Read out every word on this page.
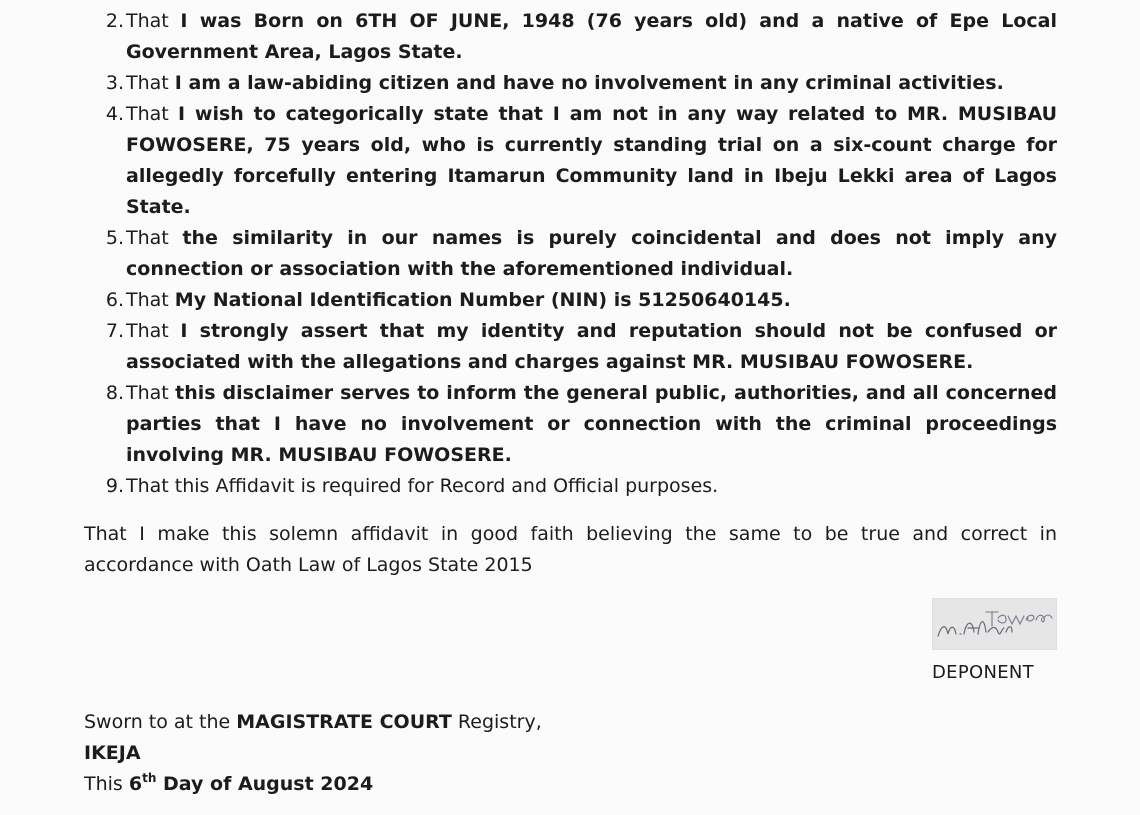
2. That I was Born on 6TH OF JUNE, 1948 (76 years old) and a native of Epe Local Government Area, Lagos State.
3. That I am a law-abiding citizen and have no involvement in any criminal activities.
4. That I wish to categorically state that I am not in any way related to MR. MUSIBAU FOWOSERE, 75 years old, who is currently standing trial on a six-count charge for allegedly forcefully entering Itamarun Community land in Ibeju Lekki area of Lagos State.
5. That the similarity in our names is purely coincidental and does not imply any connection or association with the aforementioned individual.
6. That My National Identification Number (NIN) is 51250640145.
7. That I strongly assert that my identity and reputation should not be confused or associated with the allegations and charges against MR. MUSIBAU FOWOSERE.
8. That this disclaimer serves to inform the general public, authorities, and all concerned parties that I have no involvement or connection with the criminal proceedings involving MR. MUSIBAU FOWOSERE.
9. That this Affidavit is required for Record and Official purposes.
That I make this solemn affidavit in good faith believing the same to be true and correct in accordance with Oath Law of Lagos State 2015
DEPONENT
Sworn to at the MAGISTRATE COURT Registry,
IKEJA
This 6th Day of August 2024
